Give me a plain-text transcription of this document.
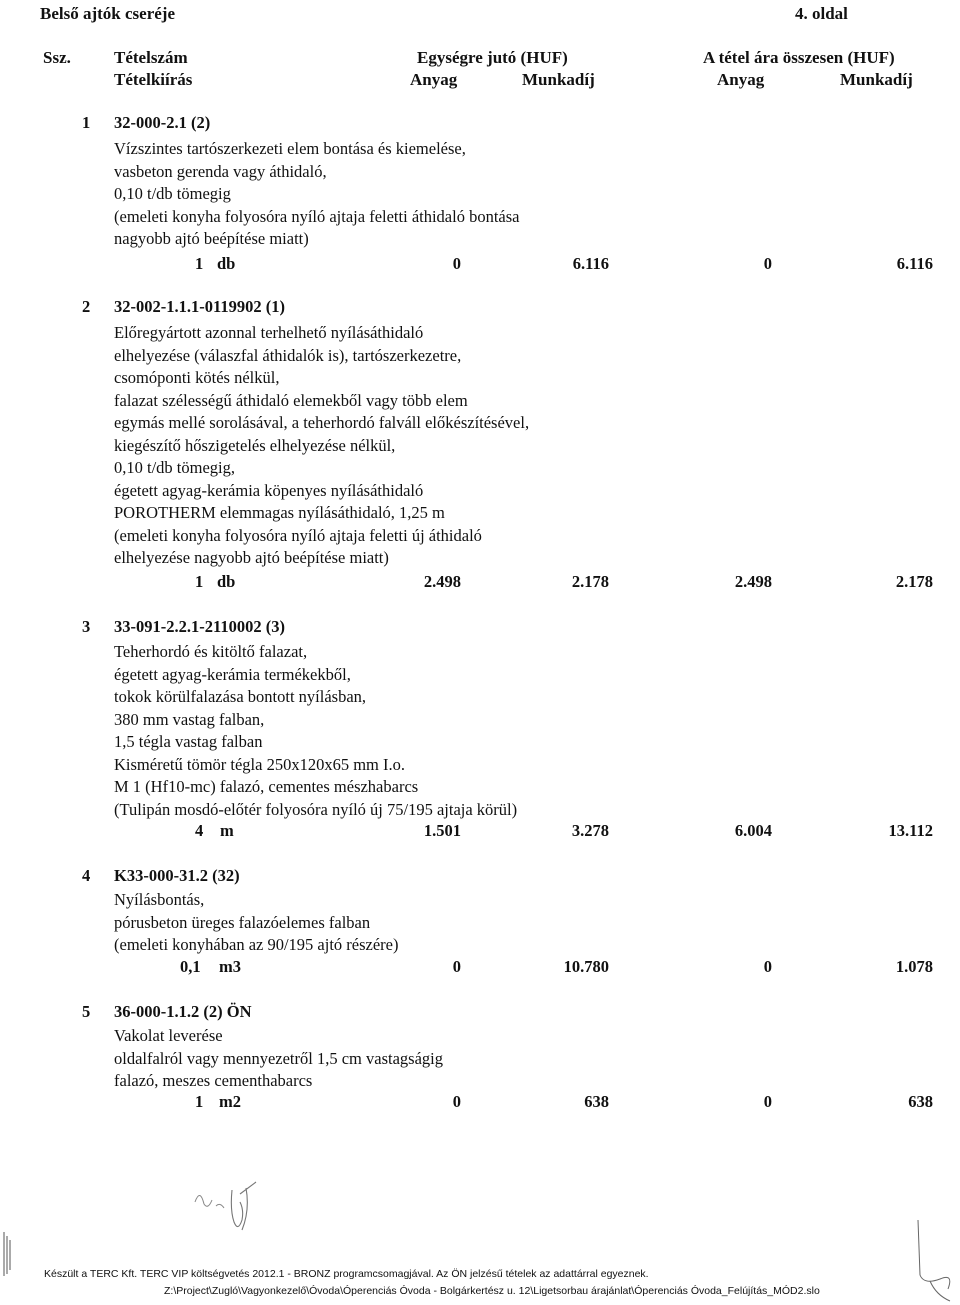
Belső ajtók cseréje	4. oldal
Ssz.	Tételszám
Tételkiírás
Egységre jutó (HUF)	A tétel ára összesen (HUF)
Anyag	Munkadíj	Anyag	Munkadíj
1 32-000-2.1 (2)
Vízszintes tartószerkezeti elem bontása és kiemelése,
vasbeton gerenda vagy áthidaló,
0,10 t/db tömegig
(emeleti konyha folyosóra nyíló ajtaja feletti áthidaló bontása
nagyobb ajtó beépítése miatt)
1 db	0	6.116	0	6.116
2 32-002-1.1.1-0119902 (1)
Előregyártott azonnal terhelhető nyílásáthidaló
elhelyezése (válaszfal áthidalók is), tartószerkezetre,
csomóponti kötés nélkül,
falazat szélességű áthidaló elemekből vagy több elem
egymás mellé sorolásával, a teherhordó falváll előkészítésével,
kiegészítő hőszigetelés elhelyezése nélkül,
0,10 t/db tömegig,
égetett agyag-kerámia köpenyes nyílásáthidaló
POROTHERM elemmagas nyílásáthidaló, 1,25 m
(emeleti konyha folyosóra nyíló ajtaja feletti új áthidaló
elhelyezése nagyobb ajtó beépítése miatt)
1 db	2.498	2.178	2.498	2.178
3 33-091-2.2.1-2110002 (3)
Teherhordó és kitöltő falazat,
égetett agyag-kerámia termékekből,
tokok körülfalazása bontott nyílásban,
380 mm vastag falban,
1,5 tégla vastag falban
Kisméretű tömör tégla 250x120x65 mm I.o.
M 1 (Hf10-mc) falazó, cementes mészhabarcs
(Tulipán mosdó-előtér folyosóra nyíló új 75/195 ajtaja körül)
4 m	1.501	3.278	6.004	13.112
4 K33-000-31.2 (32)
Nyílásbontás,
pórusbeton üreges falazóelemes falban
(emeleti konyhában az 90/195 ajtó részére)
0,1 m3	0	10.780	0	1.078
5 36-000-1.1.2 (2) ÖN
Vakolat leverése
oldalfalról vagy mennyezetről 1,5 cm vastagságig
falazó, meszes cementhabarcs
1 m2	0	638	0	638
Készült a TERC Kft. TERC VIP költségvetés 2012.1 - BRONZ programcsomagjával. Az ÖN jelzésű tételek az adattárral egyeznek.
Z:\Project\Zugló\Vagyonkezelő\Óvoda\Óperenciás Óvoda - Bolgárkertész u. 12\Ligetsorbau árajánlat\Óperenciás Óvoda_Felújítás_MÓD2.slo
